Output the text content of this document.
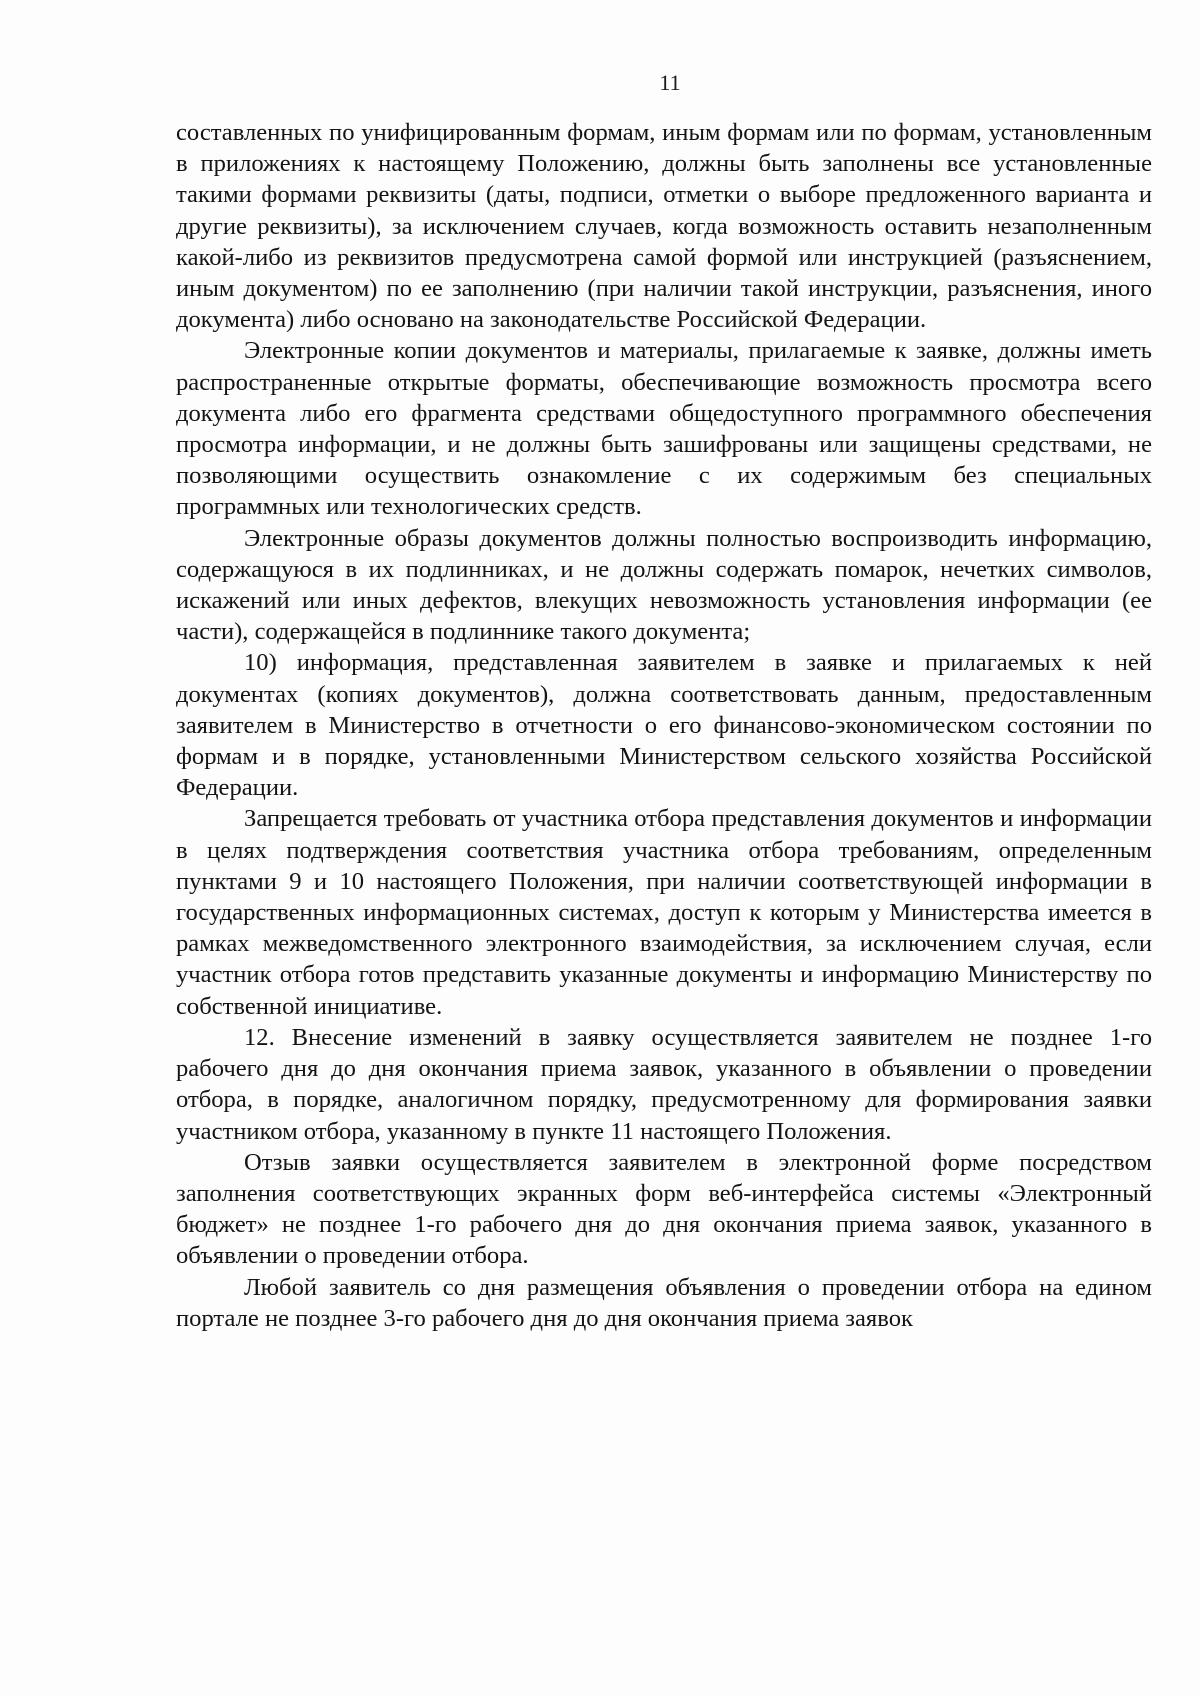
11

составленных по унифицированным формам, иным формам или по формам, установленным в приложениях к настоящему Положению, должны быть заполнены все установленные такими формами реквизиты (даты, подписи, отметки о выборе предложенного варианта и другие реквизиты), за исключением случаев, когда возможность оставить незаполненным какой-либо из реквизитов предусмотрена самой формой или инструкцией (разъяснением, иным документом) по ее заполнению (при наличии такой инструкции, разъяснения, иного документа) либо основано на законодательстве Российской Федерации.

Электронные копии документов и материалы, прилагаемые к заявке, должны иметь распространенные открытые форматы, обеспечивающие возможность просмотра всего документа либо его фрагмента средствами общедоступного программного обеспечения просмотра информации, и не должны быть зашифрованы или защищены средствами, не позволяющими осуществить ознакомление с их содержимым без специальных программных или технологических средств.

Электронные образы документов должны полностью воспроизводить информацию, содержащуюся в их подлинниках, и не должны содержать помарок, нечетких символов, искажений или иных дефектов, влекущих невозможность установления информации (ее части), содержащейся в подлиннике такого документа;

10) информация, представленная заявителем в заявке и прилагаемых к ней документах (копиях документов), должна соответствовать данным, предоставленным заявителем в Министерство в отчетности о его финансово-экономическом состоянии по формам и в порядке, установленными Министерством сельского хозяйства Российской Федерации.

Запрещается требовать от участника отбора представления документов и информации в целях подтверждения соответствия участника отбора требованиям, определенным пунктами 9 и 10 настоящего Положения, при наличии соответствующей информации в государственных информационных системах, доступ к которым у Министерства имеется в рамках межведомственного электронного взаимодействия, за исключением случая, если участник отбора готов представить указанные документы и информацию Министерству по собственной инициативе.

12. Внесение изменений в заявку осуществляется заявителем не позднее 1-го рабочего дня до дня окончания приема заявок, указанного в объявлении о проведении отбора, в порядке, аналогичном порядку, предусмотренному для формирования заявки участником отбора, указанному в пункте 11 настоящего Положения.

Отзыв заявки осуществляется заявителем в электронной форме посредством заполнения соответствующих экранных форм веб-интерфейса системы «Электронный бюджет» не позднее 1-го рабочего дня до дня окончания приема заявок, указанного в объявлении о проведении отбора.

Любой заявитель со дня размещения объявления о проведении отбора на едином портале не позднее 3-го рабочего дня до дня окончания приема заявок
